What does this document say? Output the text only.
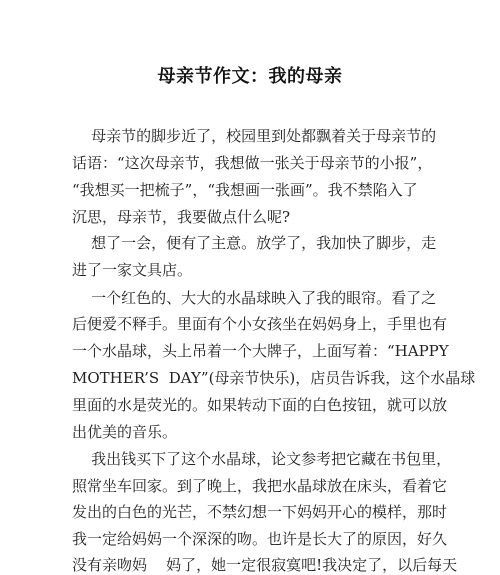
母亲节作文：我的母亲
母亲节的脚步近了，校园里到处都飘着关于母亲节的
话语：“这次母亲节，我想做一张关于母亲节的小报”，
“我想买一把梳子”，“我想画一张画”。我不禁陷入了
沉思，母亲节，我要做点什么呢?
想了一会，便有了主意。放学了，我加快了脚步，走
进了一家文具店。
一个红色的、大大的水晶球映入了我的眼帘。看了之
后便爱不释手。里面有个小女孩坐在妈妈身上，手里也有
一个水晶球，头上吊着一个大牌子，上面写着：“HAPPY
MOTHER’S  DAY”(母亲节快乐)，店员告诉我，这个水晶球
里面的水是荧光的。如果转动下面的白色按钮，就可以放
出优美的音乐。
我出钱买下了这个水晶球，论文参考把它藏在书包里，
照常坐车回家。到了晚上，我把水晶球放在床头，看着它
发出的白色的光芒，不禁幻想一下妈妈开心的模样，那时
我一定给妈妈一个深深的吻。也许是长大了的原因，好久
没有亲吻妈    妈了，她一定很寂寞吧!我决定了，以后每天
